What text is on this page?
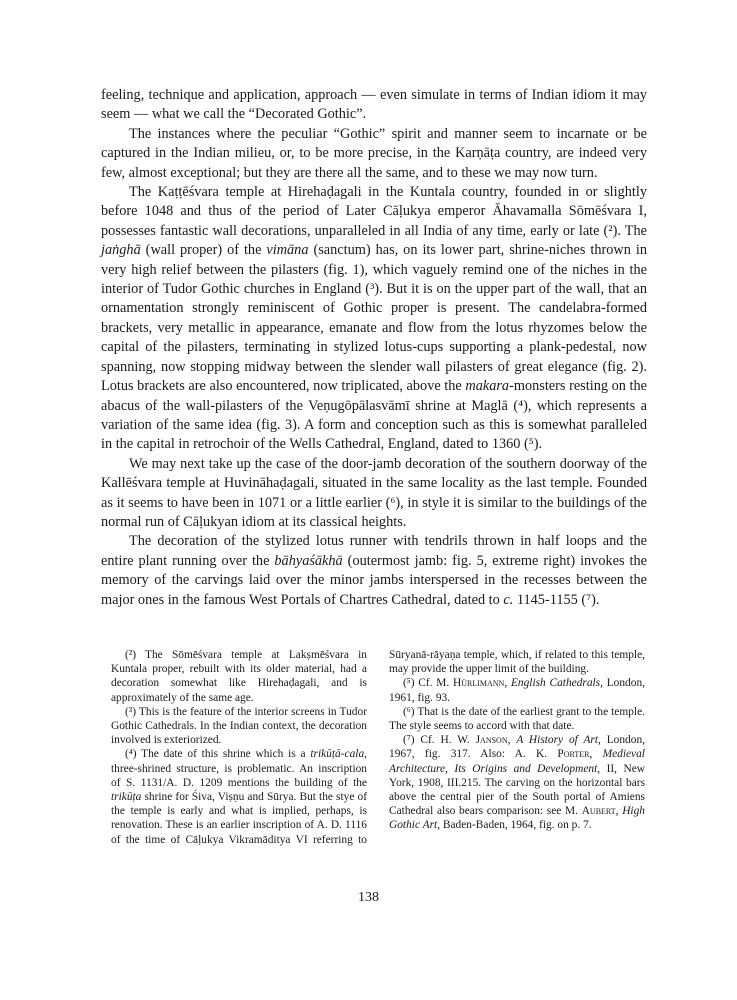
feeling, technique and application, approach — even simulate in terms of Indian idiom it may seem — what we call the “Decorated Gothic”.

The instances where the peculiar “Gothic” spirit and manner seem to incarnate or be captured in the Indian milieu, or, to be more precise, in the Karṇāṭa country, are indeed very few, almost exceptional; but they are there all the same, and to these we may now turn.

The Kaṭṭēśvara temple at Hirehaḍagali in the Kuntala country, founded in or slightly before 1048 and thus of the period of Later Cāḷukya emperor Āhavamalla Sōmēśvara I, possesses fantastic wall decorations, unparalleled in all India of any time, early or late (²). The jaṅghā (wall proper) of the vimāna (sanctum) has, on its lower part, shrine-niches thrown in very high relief between the pilasters (fig. 1), which vaguely remind one of the niches in the interior of Tudor Gothic churches in England (³). But it is on the upper part of the wall, that an ornamentation strongly reminiscent of Gothic proper is present. The candelabra-formed brackets, very metallic in appearance, emanate and flow from the lotus rhyzomes below the capital of the pilasters, terminating in stylized lotus-cups supporting a plank-pedestal, now spanning, now stopping midway between the slender wall pilasters of great elegance (fig. 2). Lotus brackets are also encountered, now triplicated, above the makara-monsters resting on the abacus of the wall-pilasters of the Veṇugōpālasvāmī shrine at Maglā (⁴), which represents a variation of the same idea (fig. 3). A form and conception such as this is somewhat paralleled in the capital in retrochoir of the Wells Cathedral, England, dated to 1360 (⁵).

We may next take up the case of the door-jamb decoration of the southern doorway of the Kallēśvara temple at Huvināhaḍagali, situated in the same locality as the last temple. Founded as it seems to have been in 1071 or a little earlier (⁶), in style it is similar to the buildings of the normal run of Cāḷukyan idiom at its classical heights.

The decoration of the stylized lotus runner with tendrils thrown in half loops and the entire plant running over the bāhyaśākhā (outermost jamb: fig. 5, extreme right) invokes the memory of the carvings laid over the minor jambs interspersed in the recesses between the major ones in the famous West Portals of Chartres Cathedral, dated to c. 1145-1155 (⁷).

(²) The Sōmēśvara temple at Lakṣmēśvara in Kuntala proper, rebuilt with its older material, had a decoration somewhat like Hirehaḍagali, and is approximately of the same age.

(³) This is the feature of the interior screens in Tudor Gothic Cathedrals. In the Indian context, the decoration involved is exteriorized.

(⁴) The date of this shrine which is a trikūṭā-cala, three-shrined structure, is problematic. An inscription of S. 1131/A. D. 1209 mentions the building of the trikūṭa shrine for Śiva, Viṣṇu and Sūrya. But the stye of the temple is early and what is implied, perhaps, is renovation. These is an earlier inscription of A. D. 1116 of the time of Cāḷukya Vikramāditya VI referring to Sūryanā-rāyaṇa temple, which, if related to this temple, may provide the upper limit of the building.

(⁵) Cf. M. Hürlimann, English Cathedrals, London, 1961, fig. 93.

(⁶) That is the date of the earliest grant to the temple. The style seems to accord with that date.

(⁷) Cf. H. W. Janson, A History of Art, London, 1967, fig. 317. Also: A. K. Porter, Medieval Architecture, Its Origins and Development, II, New York, 1908, III.215. The carving on the horizontal bars above the central pier of the South portal of Amiens Cathedral also bears comparison: see M. Aubert, High Gothic Art, Baden-Baden, 1964, fig. on p. 7.

138
